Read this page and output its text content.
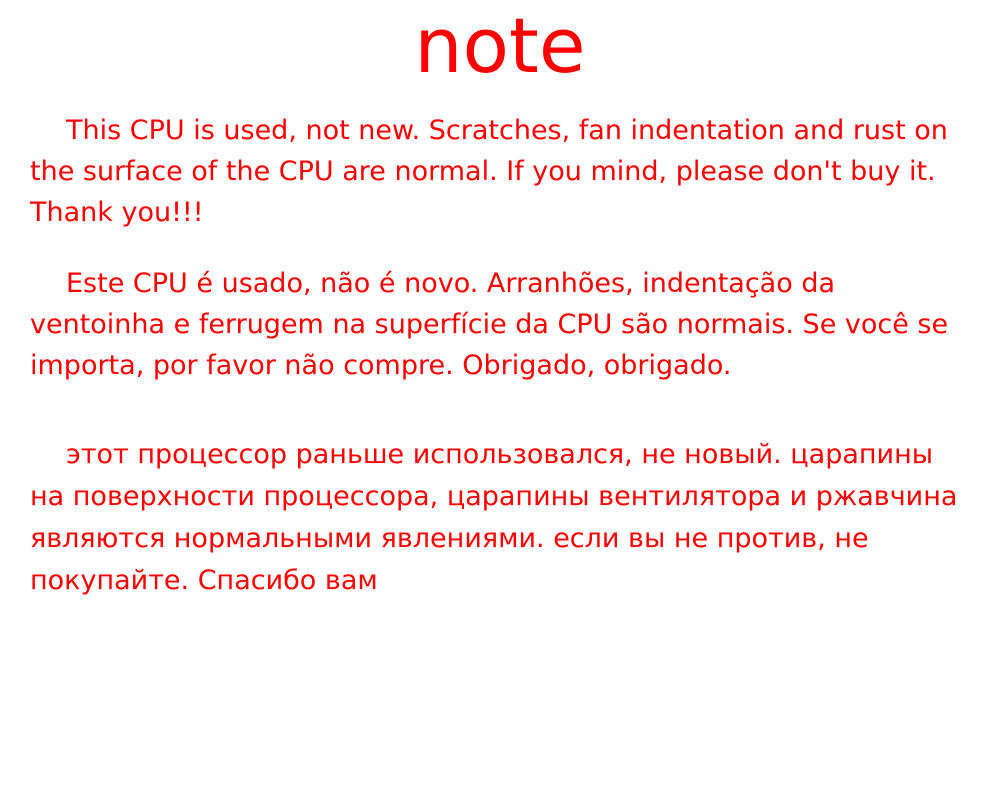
note

This CPU is used, not new. Scratches, fan indentation and rust on the surface of the CPU are normal. If you mind, please don't buy it. Thank you!!!

Este CPU é usado, não é novo. Arranhões, indentação da ventoinha e ferrugem na superfície da CPU são normais. Se você se importa, por favor não compre. Obrigado, obrigado.

этот процессор раньше использовался, не новый. царапины на поверхности процессора, царапины вентилятора и ржавчина являются нормальными явлениями. если вы не против, не покупайте. Спасибо вам
